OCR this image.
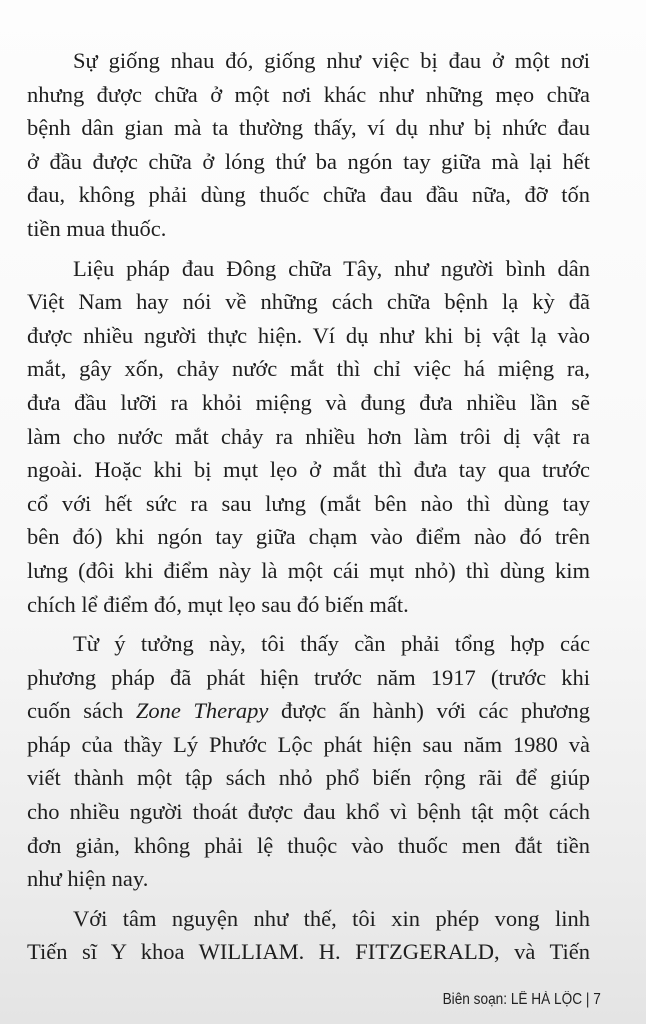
Sự giống nhau đó, giống như việc bị đau ở một nơi
nhưng được chữa ở một nơi khác như những mẹo chữa
bệnh dân gian mà ta thường thấy, ví dụ như bị nhức đau
ở đầu được chữa ở lóng thứ ba ngón tay giữa mà lại hết
đau, không phải dùng thuốc chữa đau đầu nữa, đỡ tốn
tiền mua thuốc.
Liệu pháp đau Đông chữa Tây, như người bình dân
Việt Nam hay nói về những cách chữa bệnh lạ kỳ đã
được nhiều người thực hiện. Ví dụ như khi bị vật lạ vào
mắt, gây xốn, chảy nước mắt thì chỉ việc há miệng ra,
đưa đầu lưỡi ra khỏi miệng và đung đưa nhiều lần sẽ
làm cho nước mắt chảy ra nhiều hơn làm trôi dị vật ra
ngoài. Hoặc khi bị mụt lẹo ở mắt thì đưa tay qua trước
cổ với hết sức ra sau lưng (mắt bên nào thì dùng tay
bên đó) khi ngón tay giữa chạm vào điểm nào đó trên
lưng (đôi khi điểm này là một cái mụt nhỏ) thì dùng kim
chích lể điểm đó, mụt lẹo sau đó biến mất.
Từ ý tưởng này, tôi thấy cần phải tổng hợp các
phương pháp đã phát hiện trước năm 1917 (trước khi
cuốn sách Zone Therapy được ấn hành) với các phương
pháp của thầy Lý Phước Lộc phát hiện sau năm 1980 và
viết thành một tập sách nhỏ phổ biến rộng rãi để giúp
cho nhiều người thoát được đau khổ vì bệnh tật một cách
đơn giản, không phải lệ thuộc vào thuốc men đắt tiền
như hiện nay.
Với tâm nguyện như thế, tôi xin phép vong linh
Tiến sĩ Y khoa WILLIAM. H. FITZGERALD, và Tiến
Biên soạn: LÊ HÀ LỘC | 7
